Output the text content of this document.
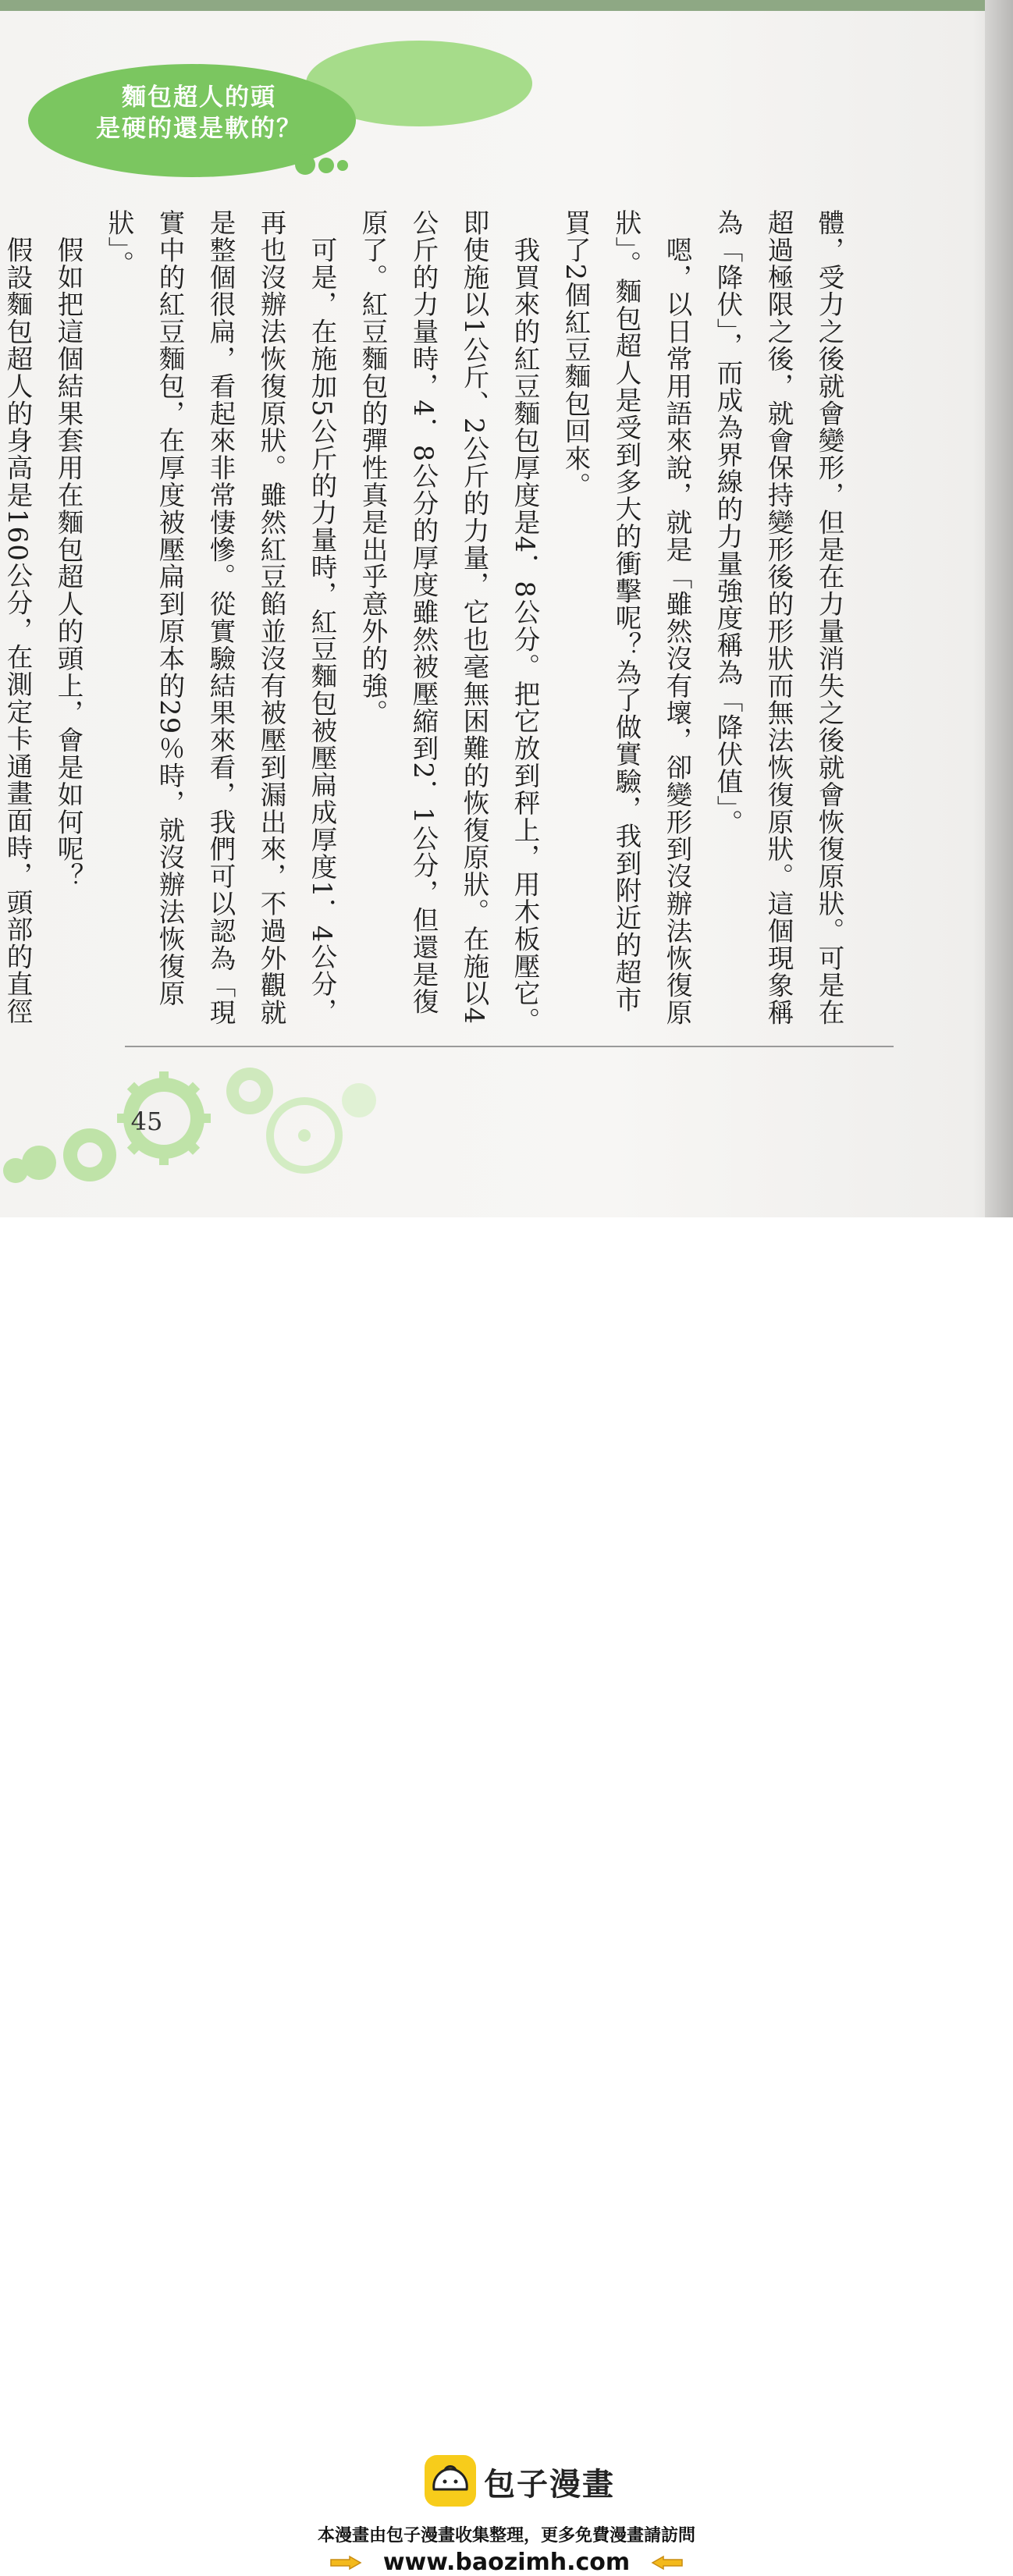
麵包超人的頭
是硬的還是軟的？

體，受力之後就會變形，但是在力量消失之後就會恢復原狀。可是在超過極限之後，就會保持變形後的形狀而無法恢復原狀。這個現象稱為「降伏」，而成為界線的力量強度稱為「降伏值」。

　嗯，以日常用語來說，就是「雖然沒有壞，卻變形到沒辦法恢復原狀」。麵包超人是受到多大的衝擊呢？為了做實驗，我到附近的超市買了2個紅豆麵包回來。

　我買來的紅豆麵包厚度是4．8公分。把它放到秤上，用木板壓它。即使施以1公斤、2公斤的力量，它也毫無困難的恢復原狀。在施以4公斤的力量時，4．8公分的厚度雖然被壓縮到2．1公分，但還是復原了。紅豆麵包的彈性真是出乎意外的強。

　可是，在施加5公斤的力量時，紅豆麵包被壓扁成厚度1．4公分，再也沒辦法恢復原狀。雖然紅豆餡並沒有被壓到漏出來，不過外觀就是整個很扁，看起來非常悽慘。從實驗結果來看，我們可以認為「現實中的紅豆麵包，在厚度被壓扁到原本的29％時，就沒辦法恢復原狀」。

　假如把這個結果套用在麵包超人的頭上，會是如何呢？

　假設麵包超人的身高是160公分，在測定卡通畫面時，頭部的直徑

45
包子漫畫
本漫畫由包子漫畫收集整理，更多免費漫畫請訪問
www.baozimh.com
